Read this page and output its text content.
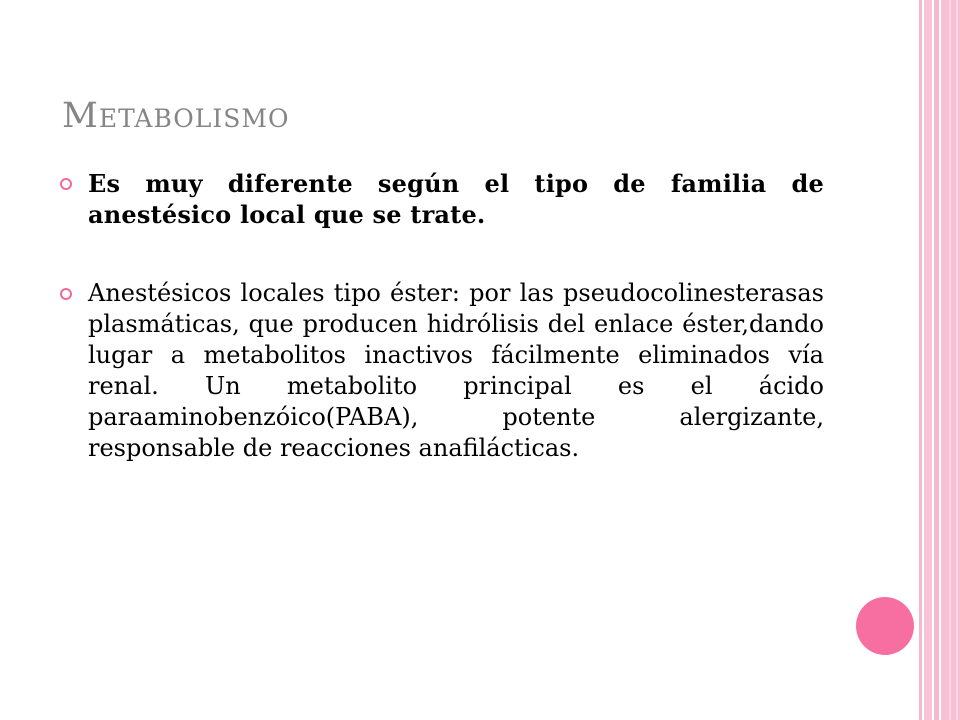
Metabolismo
Es muy diferente según el tipo de familia de anestésico local que se trate.
Anestésicos locales tipo éster: por las pseudocolinesterasas plasmáticas, que producen hidrólisis del enlace éster,dando lugar a metabolitos inactivos fácilmente eliminados vía renal. Un metabolito principal es el ácido paraaminobenzóico(PABA), potente alergizante, responsable de reacciones anafilácticas.
